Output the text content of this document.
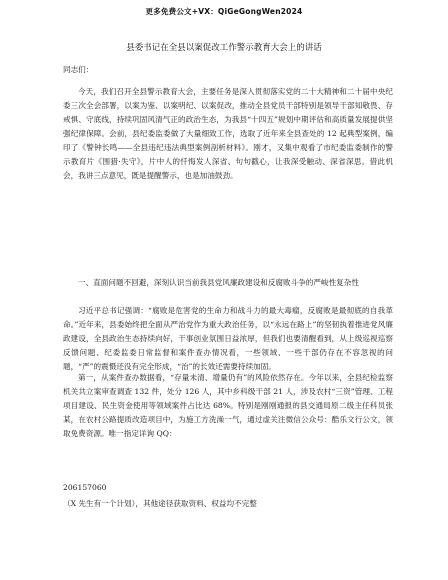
更多免费公文+VX：QiGeGongWen2024
县委书记在全县以案促改工作警示教育大会上的讲话
同志们：

今天，我们召开全县警示教育大会，主要任务是深入贯彻落实党的二十大精神和二十届中央纪委三次全会部署，以案为鉴、以案明纪、以案促改，推动全县党员干部特别是领导干部知敬畏、存戒惧、守底线，持续巩固风清气正的政治生态，为我县“十四五”规划中期评估和高质量发展提供坚强纪律保障。会前，县纪委监委做了大量细致工作，选取了近年来全县查处的 12 起典型案例，编印了《警钟长鸣——全县违纪违法典型案例剖析材料》。刚才，又集中观看了市纪委监委制作的警示教育片《围猎·失守》，片中人的忏悔发人深省、句句戳心，让我深受触动、深省深思。借此机会，我讲三点意见，既是提醒警示，也是加油鼓劲。

一、直面问题不回避，深刻认识当前我县党风廉政建设和反腐败斗争的严峻性复杂性

习近平总书记强调：“腐败是危害党的生命力和战斗力的最大毒瘤，反腐败是最彻底的自我革命。”近年来，县委始终把全面从严治党作为重大政治任务，以“永远在路上”的坚韧执着推进党风廉政建设，全县政治生态持续向好，干事创业氛围日益浓厚，但我们也要清醒看到，从上级巡视巡察反馈问题、纪委监委日常监督和案件查办情况看，一些领域、一些干部仍存在不容忽视的问题，“严”的震慑还没有完全形成，“治”的长效还需要持续加固。

第一，从案件查办数据看，“存量未清、增量仍有”的风险依然存在。今年以来，全县纪检监察机关共立案审查调查 132 件，处分 126 人，其中乡科级干部 21 人，涉及农村“三资”管理、工程项目建设、民生资金使用等领域案件占比达 68%。特别是刚刚通报的县交通局原二级主任科员张某，在农村公路提质改造项目中，为施工方洗澡一气，通过虚关注微信公众号：酷乐文行公文，领取免费资源。唯一指定详询 QQ：

206157060
（X 先生有一个计划），其他途径获取资料、权益均不完整
